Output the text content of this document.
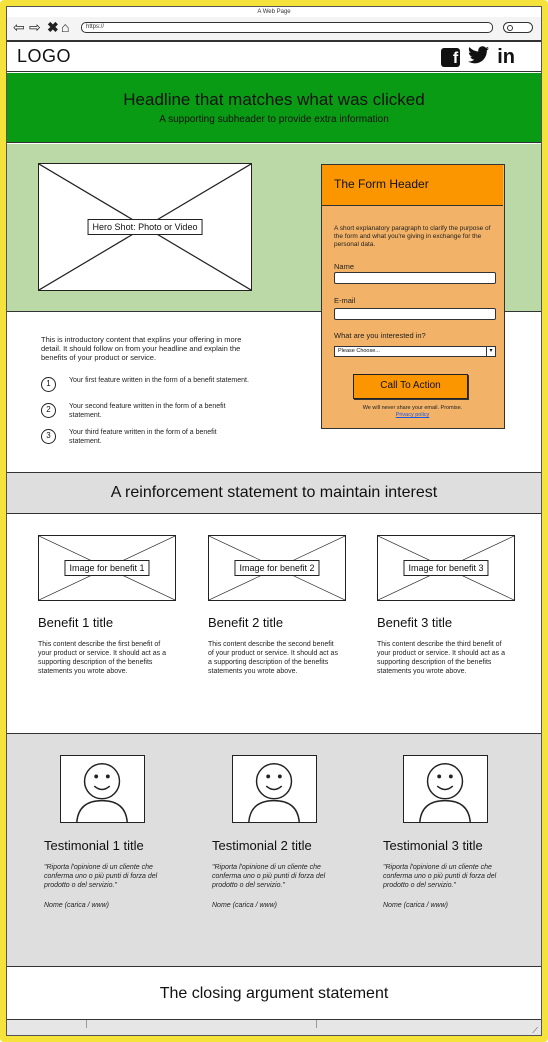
A Web Page
⇦ ⇨ ✖ ⌂	https://
LOGO	f in
Headline that matches what was clicked

A supporting subheader to provide extra information

Hero Shot: Photo or Video
This is introductory content that explins your offering in more detail. It should follow on from your headline and explain the benefits of your product or service.
1	Your first feature written in the form of a benefit statement.
2	Your second feature written in the form of a benefit statement.
3	Your third feature written in the form of a benefit statement.
The Form Header
A short explanatory paragraph to clarify the purpose of the form and what you're giving in exchange for the personal data.
Name
E-mail
What are you interested in?
Please Choose...	▾
Call To Action
We will never share your email. Promise.
Privacy policy
A reinforcement statement to maintain interest
Image for benefit 1
Benefit 1 title

This content describe the first benefit of your product or service. It should act as a supporting description of the benefits statements you wrote above.

Image for benefit 2
Benefit 2 title

This content describe the second benefit of your product or service. It should act as a supporting description of the benefits statements you wrote above.

Image for benefit 3
Benefit 3 title

This content describe the third benefit of your product or service. It should act as a supporting description of the benefits statements you wrote above.

Testimonial 1 title
"Riporta l'opinione di un cliente che conferma uno o più punti di forza del prodotto o del servizio."
Nome (carica / www)
Testimonial 2 title
"Riporta l'opinione di un cliente che conferma uno o più punti di forza del prodotto o del servizio."
Nome (carica / www)
Testimonial 3 title
"Riporta l'opinione di un cliente che conferma uno o più punti di forza del prodotto o del servizio."
Nome (carica / www)
The closing argument statement
⟋
